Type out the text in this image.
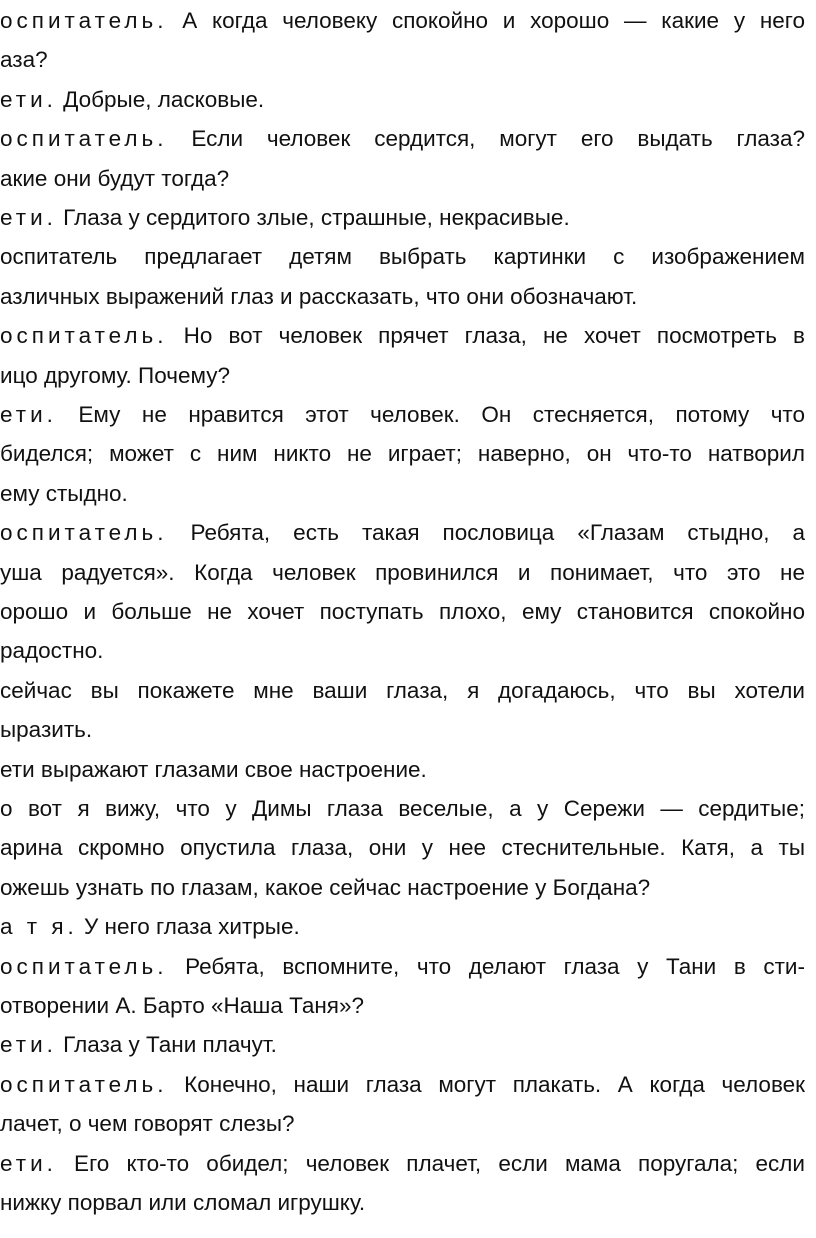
оспитатель. А когда человеку спокойно и хорошо — какие у него
аза?
ети. Добрые, ласковые.
оспитатель. Если человек сердится, могут его выдать глаза?
акие они будут тогда?
ети. Глаза у сердитого злые, страшные, некрасивые.
оспитатель предлагает детям выбрать картинки с изображением
азличных выражений глаз и рассказать, что они обозначают.
оспитатель. Но вот человек прячет глаза, не хочет посмотреть в
ицо другому. Почему?
ети. Ему не нравится этот человек. Он стесняется, потому что
биделся; может с ним никто не играет; наверно, он что-то натворил
ему стыдно.
оспитатель. Ребята, есть такая пословица «Глазам стыдно, а
уша радуется». Когда человек провинился и понимает, что это не
орошо и больше не хочет поступать плохо, ему становится спокойно
радостно.
сейчас вы покажете мне ваши глаза, я догадаюсь, что вы хотели
ыразить.
ети выражают глазами свое настроение.
о вот я вижу, что у Димы глаза веселые, а у Сережи — сердитые;
арина скромно опустила глаза, они у нее стеснительные. Катя, а ты
ожешь узнать по глазам, какое сейчас настроение у Богдана?
а т я. У него глаза хитрые.
оспитатель. Ребята, вспомните, что делают глаза у Тани в сти-
отворении А. Барто «Наша Таня»?
ети. Глаза у Тани плачут.
оспитатель. Конечно, наши глаза могут плакать. А когда человек
лачет, о чем говорят слезы?
ети. Его кто-то обидел; человек плачет, если мама поругала; если
нижку порвал или сломал игрушку.
